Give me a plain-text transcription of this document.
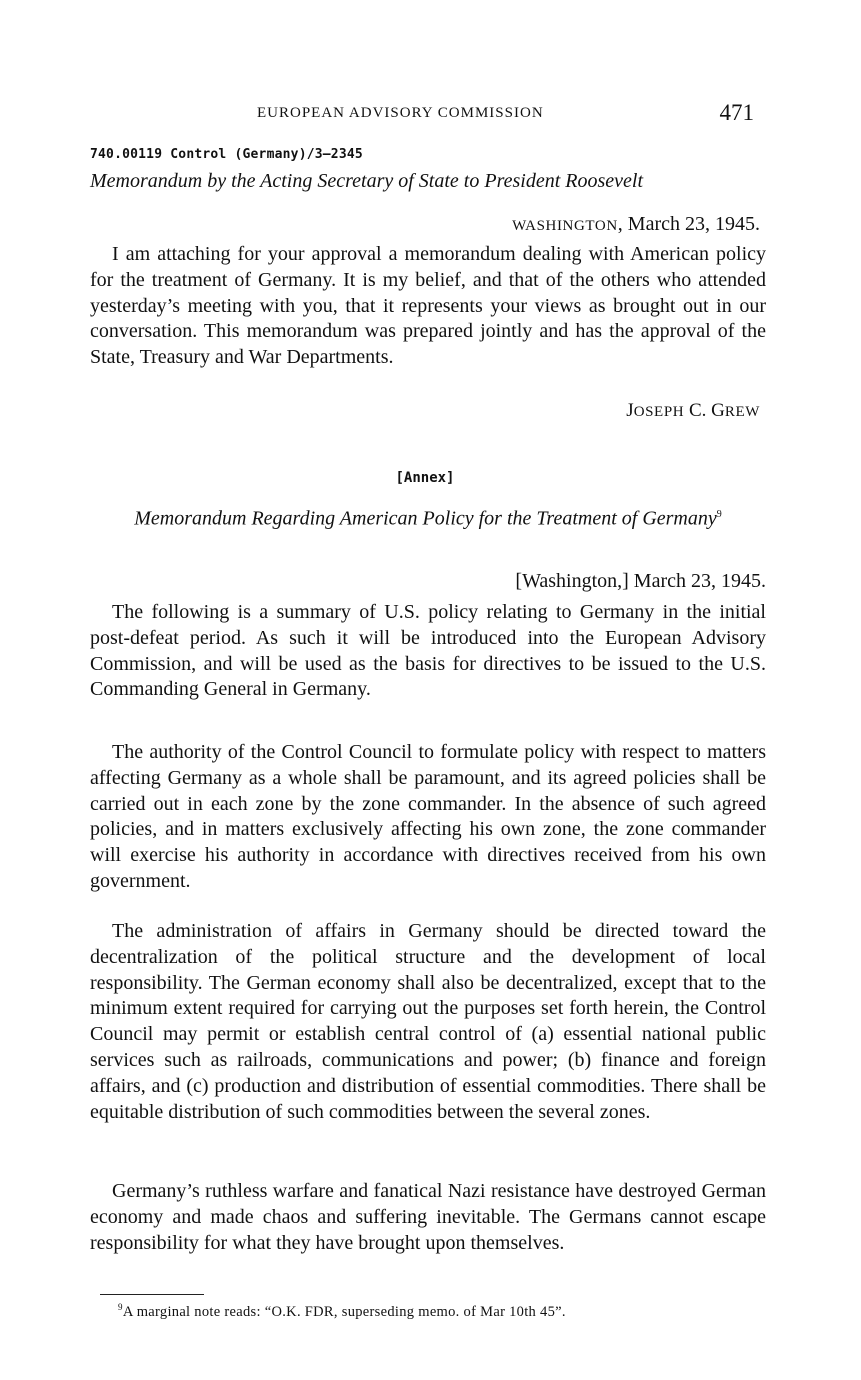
EUROPEAN ADVISORY COMMISSION	471
740.00119 Control (Germany)/3–2345
Memorandum by the Acting Secretary of State to President Roosevelt
WASHINGTON, March 23, 1945.
I am attaching for your approval a memorandum dealing with American policy for the treatment of Germany. It is my belief, and that of the others who attended yesterday’s meeting with you, that it represents your views as brought out in our conversation. This memorandum was prepared jointly and has the approval of the State, Treasury and War Departments.
JOSEPH C. GREW
[Annex]
Memorandum Regarding American Policy for the Treatment of Germany$^9$
[Washington,] March 23, 1945.
The following is a summary of U.S. policy relating to Germany in the initial post-defeat period. As such it will be introduced into the European Advisory Commission, and will be used as the basis for directives to be issued to the U.S. Commanding General in Germany.
The authority of the Control Council to formulate policy with respect to matters affecting Germany as a whole shall be paramount, and its agreed policies shall be carried out in each zone by the zone commander. In the absence of such agreed policies, and in matters exclusively affecting his own zone, the zone commander will exercise his authority in accordance with directives received from his own government.
The administration of affairs in Germany should be directed toward the decentralization of the political structure and the development of local responsibility. The German economy shall also be decentralized, except that to the minimum extent required for carrying out the purposes set forth herein, the Control Council may permit or establish central control of (a) essential national public services such as railroads, communications and power; (b) finance and foreign affairs, and (c) production and distribution of essential commodities. There shall be equitable distribution of such commodities between the several zones.
Germany’s ruthless warfare and fanatical Nazi resistance have destroyed German economy and made chaos and suffering inevitable. The Germans cannot escape responsibility for what they have brought upon themselves.
$^9$A marginal note reads: “O.K. FDR, superseding memo. of Mar 10th 45”.
